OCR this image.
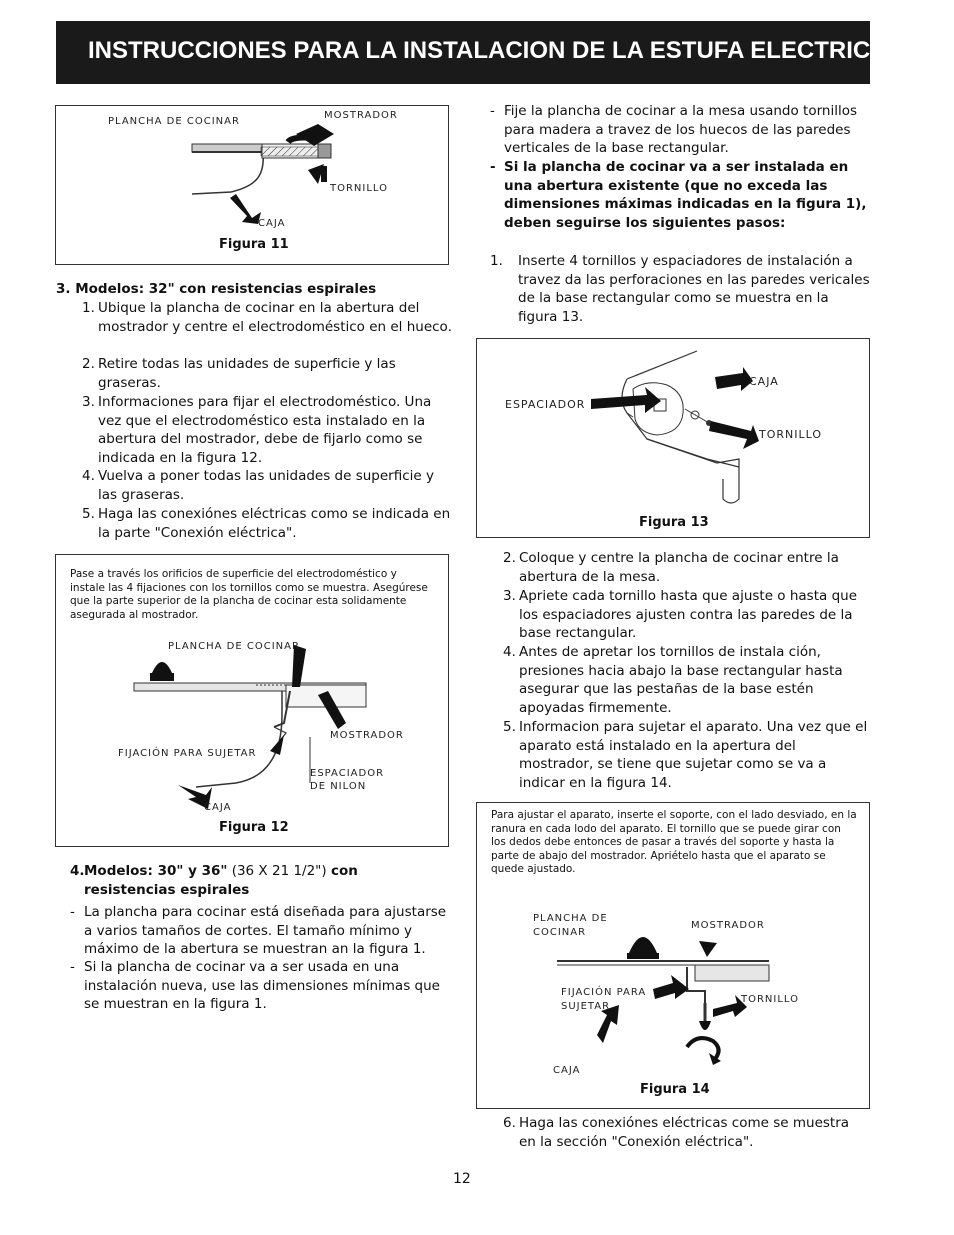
INSTRUCCIONES PARA LA INSTALACION DE LA ESTUFA ELECTRICA
PLANCHA DE COCINAR
MOSTRADOR
TORNILLO
CAJA
Figura 11
3. Modelos: 32" con resistencias espirales
1. Ubique la plancha de cocinar en la abertura del mostrador y centre el electrodoméstico en el hueco.
2. Retire todas las unidades de superficie y las graseras.
3. Informaciones para fijar el electrodoméstico. Una vez que el electrodoméstico esta instalado en la abertura del mostrador, debe de fijarlo como se indicada en la figura 12.
4. Vuelva a poner todas las unidades de superficie y las graseras.
5. Haga las conexiónes eléctricas como se indicada en la parte "Conexión eléctrica".
Pase a través los orificios de superficie del electrodoméstico y instale las 4 fijaciones con los tornillos como se muestra. Asegúrese que la parte superior de la plancha de cocinar esta solidamente asegurada al mostrador.
PLANCHA DE COCINAR
MOSTRADOR
FIJACIÓN PARA SUJETAR
ESPACIADOR
DE NILON
CAJA
Figura 12
4. Modelos: 30" y 36" (36 X 21 1/2") con
resistencias espirales
- La plancha para cocinar está diseñada para ajustarse a varios tamaños de cortes. El tamaño mínimo y máximo de la abertura se muestran an la figura 1.
- Si la plancha de cocinar va a ser usada en una instalación nueva, use las dimensiones mínimas que se muestran en la figura 1.
- Fije la plancha de cocinar a la mesa usando tornillos para madera a travez de los huecos de las paredes verticales de la base rectangular.
- Si la plancha de cocinar va a ser instalada en una abertura existente (que no exceda las dimensiones máximas indicadas en la figura 1), deben seguirse los siguientes pasos:
1.	Inserte 4 tornillos y espaciadores de instalación a travez da las perforaciones en las paredes vericales de la base rectangular como se muestra en la figura 13.
CAJA
ESPACIADOR
TORNILLO
Figura 13
2. Coloque y centre la plancha de cocinar entre la abertura de la mesa.
3. Apriete cada tornillo hasta que ajuste o hasta que los espaciadores ajusten contra las paredes de la base rectangular.
4. Antes de apretar los tornillos de instala ción, presiones hacia abajo la base rectangular hasta asegurar que las pestañas de la base estén apoyadas firmemente.
5. Informacion para sujetar el aparato. Una vez que el aparato está instalado en la apertura del mostrador, se tiene que sujetar como se va a indicar en la figura 14.
Para ajustar el aparato, inserte el soporte, con el lado desviado, en la ranura en cada lodo del aparato. El tornillo que se puede girar con los dedos debe entonces de pasar a través del soporte y hasta la parte de abajo del mostrador. Apriételo hasta que el aparato se quede ajustado.
PLANCHA DE
COCINAR
MOSTRADOR
FIJACIÓN PARA
SUJETAR
TORNILLO
CAJA
Figura 14
6. Haga las conexiónes eléctricas come se muestra en la sección "Conexión eléctrica".
12
